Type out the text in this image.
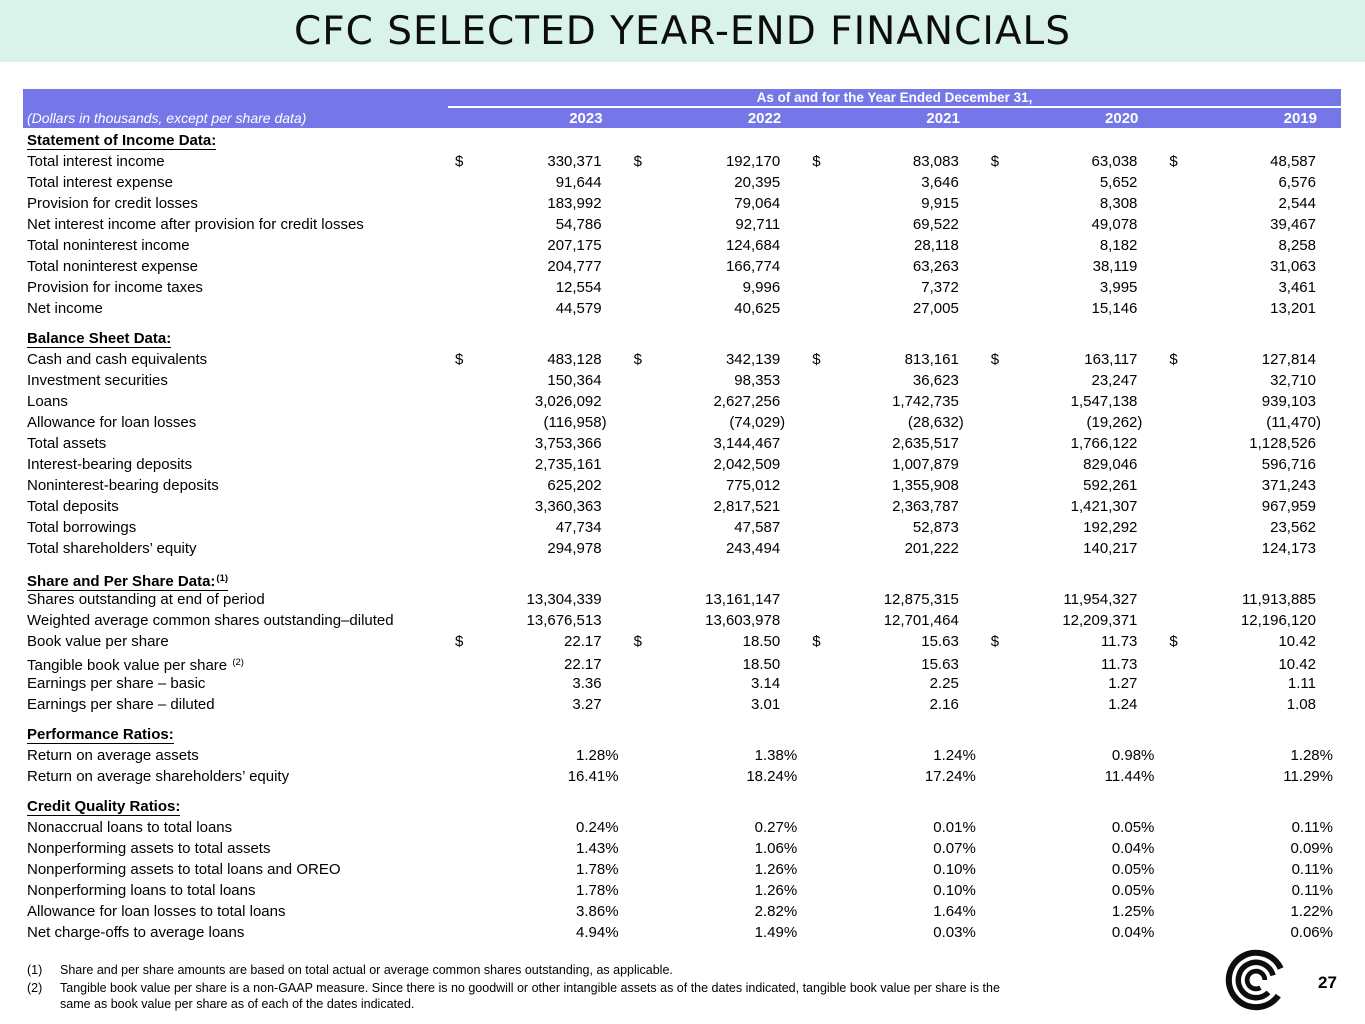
CFC SELECTED YEAR-END FINANCIALS
As of and for the Year Ended December 31,
(Dollars in thousands, except per share data)	2023	2022	2021	2020	2019
Statement of Income Data:
Total interest income	$	330,371	$	192,170	$	83,083	$	63,038	$	48,587
Total interest expense	91,644	20,395	3,646	5,652	6,576
Provision for credit losses	183,992	79,064	9,915	8,308	2,544
Net interest income after provision for credit losses	54,786	92,711	69,522	49,078	39,467
Total noninterest income	207,175	124,684	28,118	8,182	8,258
Total noninterest expense	204,777	166,774	63,263	38,119	31,063
Provision for income taxes	12,554	9,996	7,372	3,995	3,461
Net income	44,579	40,625	27,005	15,146	13,201
Balance Sheet Data:
Cash and cash equivalents	$	483,128	$	342,139	$	813,161	$	163,117	$	127,814
Investment securities	150,364	98,353	36,623	23,247	32,710
Loans	3,026,092	2,627,256	1,742,735	1,547,138	939,103
Allowance for loan losses	(116,958)	(74,029)	(28,632)	(19,262)	(11,470)
Total assets	3,753,366	3,144,467	2,635,517	1,766,122	1,128,526
Interest-bearing deposits	2,735,161	2,042,509	1,007,879	829,046	596,716
Noninterest-bearing deposits	625,202	775,012	1,355,908	592,261	371,243
Total deposits	3,360,363	2,817,521	2,363,787	1,421,307	967,959
Total borrowings	47,734	47,587	52,873	192,292	23,562
Total shareholders’ equity	294,978	243,494	201,222	140,217	124,173
Share and Per Share Data:$^{(1)}$
Shares outstanding at end of period	13,304,339	13,161,147	12,875,315	11,954,327	11,913,885
Weighted average common shares outstanding–diluted	13,676,513	13,603,978	12,701,464	12,209,371	12,196,120
Book value per share	$	22.17	$	18.50	$	15.63	$	11.73	$	10.42
Tangible book value per share $^{(2)}$	22.17	18.50	15.63	11.73	10.42
Earnings per share – basic	3.36	3.14	2.25	1.27	1.11
Earnings per share – diluted	3.27	3.01	2.16	1.24	1.08
Performance Ratios:
Return on average assets	1.28%	1.38%	1.24%	0.98%	1.28%
Return on average shareholders’ equity	16.41%	18.24%	17.24%	11.44%	11.29%
Credit Quality Ratios:
Nonaccrual loans to total loans	0.24%	0.27%	0.01%	0.05%	0.11%
Nonperforming assets to total assets	1.43%	1.06%	0.07%	0.04%	0.09%
Nonperforming assets to total loans and OREO	1.78%	1.26%	0.10%	0.05%	0.11%
Nonperforming loans to total loans	1.78%	1.26%	0.10%	0.05%	0.11%
Allowance for loan losses to total loans	3.86%	2.82%	1.64%	1.25%	1.22%
Net charge-offs to average loans	4.94%	1.49%	0.03%	0.04%	0.06%
(1)	Share and per share amounts are based on total actual or average common shares outstanding, as applicable.
(2)	Tangible book value per share is a non-GAAP measure. Since there is no goodwill or other intangible assets as of the dates indicated, tangible book value per share is the same as book value per share as of each of the dates indicated.
27
